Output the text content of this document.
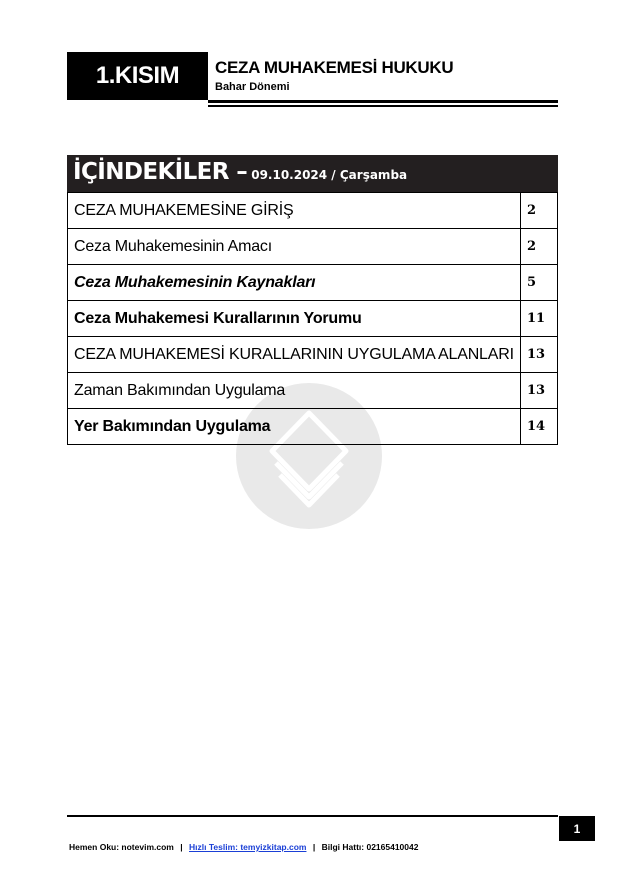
1.KISIM	CEZA MUHAKEMESİ HUKUKU
Bahar Dönemi
İÇİNDEKİLER – 09.10.2024 / Çarşamba
CEZA MUHAKEMESİNE GİRİŞ	2
Ceza Muhakemesinin Amacı	2
Ceza Muhakemesinin Kaynakları	5
Ceza Muhakemesi Kurallarının Yorumu	11
CEZA MUHAKEMESİ KURALLARININ UYGULAMA ALANLARI	13
Zaman Bakımından Uygulama	13
Yer Bakımından Uygulama	14
1
Hemen Oku: notevim.com | Hızlı Teslim: temyizkitap.com | Bilgi Hattı: 02165410042
